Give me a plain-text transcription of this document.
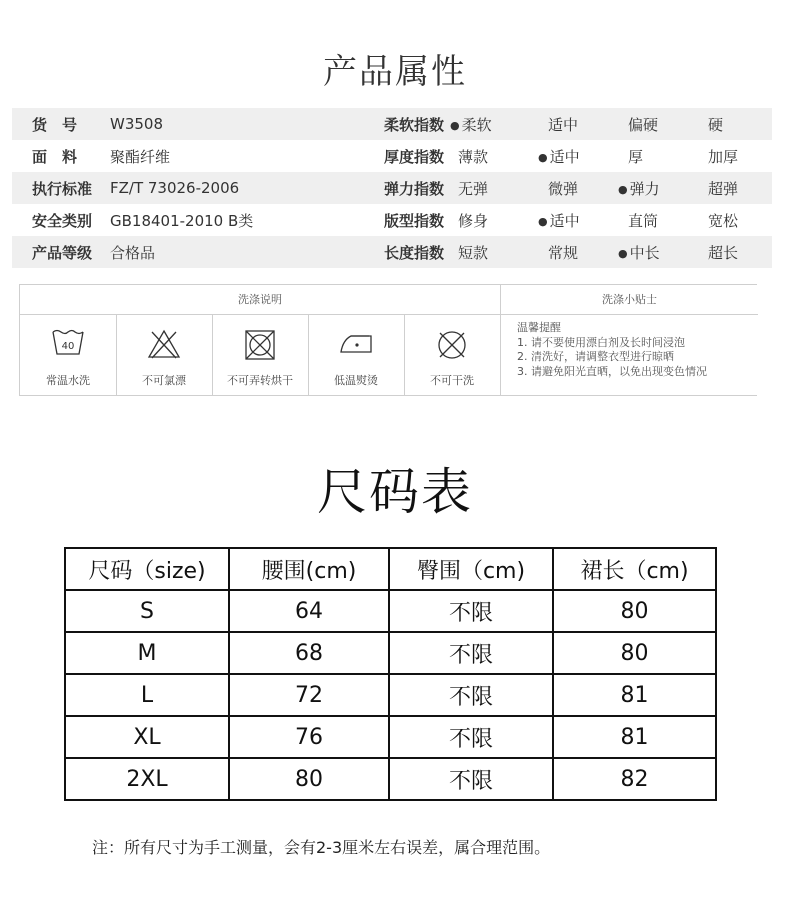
产品属性
货　号	W3508	柔软指数	● 柔软	适中	偏硬	硬
面　料	聚酯纤维	厚度指数	薄款	● 适中	厚	加厚
执行标准	FZ/T 73026-2006	弹力指数	无弹	微弹	● 弹力	超弹
安全类别	GB18401-2010 B类	版型指数	修身	● 适中	直筒	宽松
产品等级	合格品	长度指数	短款	常规	● 中长	超长
洗涤说明	洗涤小贴士
40
常温水洗	不可氯漂	不可弄转烘干	低温熨烫	不可干洗
温馨提醒
1. 请不要使用漂白剂及长时间浸泡
2. 清洗好，请调整衣型进行晾晒
3. 请避免阳光直晒，以免出现变色情况
尺码表
尺码（size)	腰围(cm)	臀围（cm)	裙长（cm)
S	64	不限	80
M	68	不限	80
L	72	不限	81
XL	76	不限	81
2XL	80	不限	82
注：所有尺寸为手工测量，会有2-3厘米左右误差，属合理范围。
